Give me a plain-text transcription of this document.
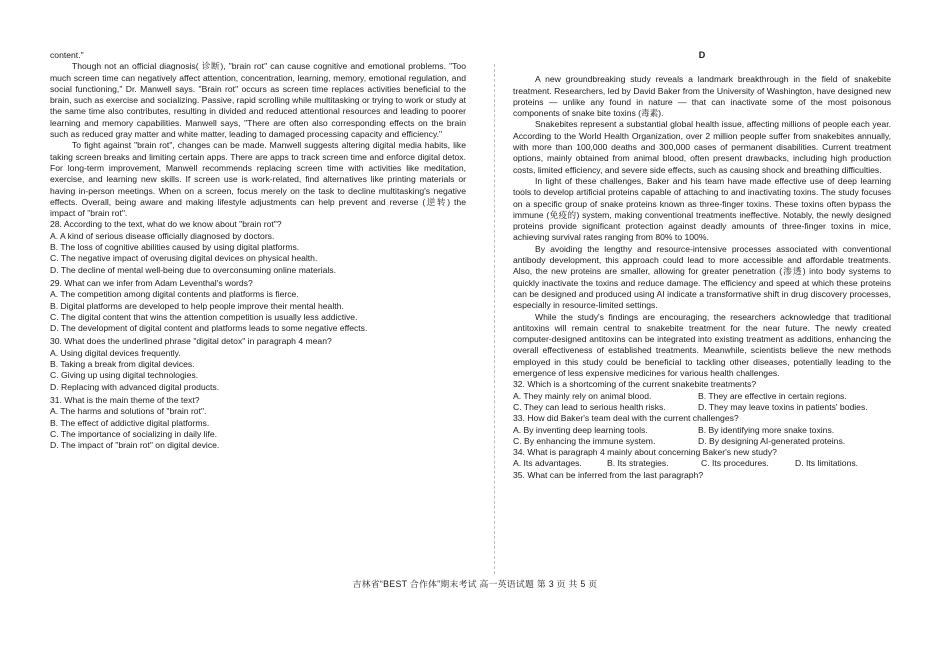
content."

Though not an official diagnosis( 诊断), "brain rot" can cause cognitive and emotional problems. "Too much screen time can negatively affect attention, concentration, learning, memory, emotional regulation, and social functioning," Dr. Manwell says. "Brain rot" occurs as screen time replaces activities beneficial to the brain, such as exercise and socializing. Passive, rapid scrolling while multitasking or trying to work or study at the same time also contributes, resulting in divided and reduced attentional resources and leading to poorer learning and memory capabilities. Manwell says, "There are often also corresponding effects on the brain such as reduced gray matter and white matter, leading to damaged processing capacity and efficiency."

To fight against "brain rot", changes can be made. Manwell suggests altering digital media habits, like taking screen breaks and limiting certain apps. There are apps to track screen time and enforce digital detox. For long-term improvement, Manwell recommends replacing screen time with activities like meditation, exercise, and learning new skills. If screen use is work-related, find alternatives like printing materials or having in-person meetings. When on a screen, focus merely on the task to decline multitasking's negative effects. Overall, being aware and making lifestyle adjustments can help prevent and reverse (逆转) the impact of "brain rot".

28. According to the text, what do we know about "brain rot"?

A. A kind of serious disease officially diagnosed by doctors.

B. The loss of cognitive abilities caused by using digital platforms.

C. The negative impact of overusing digital devices on physical health.

D. The decline of mental well-being due to overconsuming online materials.

29. What can we infer from Adam Leventhal's words?

A. The competition among digital contents and platforms is fierce.

B. Digital platforms are developed to help people improve their mental health.

C. The digital content that wins the attention competition is usually less addictive.

D. The development of digital content and platforms leads to some negative effects.

30. What does the underlined phrase "digital detox" in paragraph 4 mean?

A. Using digital devices frequently.

B. Taking a break from digital devices.

C. Giving up using digital technologies.

D. Replacing with advanced digital products.

31. What is the main theme of the text?

A. The harms and solutions of "brain rot".

B. The effect of addictive digital platforms.

C. The importance of socializing in daily life.

D. The impact of "brain rot" on digital device.

D

A new groundbreaking study reveals a landmark breakthrough in the field of snakebite treatment. Researchers, led by David Baker from the University of Washington, have designed new proteins — unlike any found in nature — that can inactivate some of the most poisonous components of snake bite toxins (毒素).

Snakebites represent a substantial global health issue, affecting millions of people each year. According to the World Health Organization, over 2 million people suffer from snakebites annually, with more than 100,000 deaths and 300,000 cases of permanent disabilities. Current treatment options, mainly obtained from animal blood, often present drawbacks, including high production costs, limited efficiency, and severe side effects, such as causing shock and breathing difficulties.

In light of these challenges, Baker and his team have made effective use of deep learning tools to develop artificial proteins capable of attaching to and inactivating toxins. The study focuses on a specific group of snake proteins known as three-finger toxins. These toxins often bypass the immune (免疫的) system, making conventional treatments ineffective. Notably, the newly designed proteins provide significant protection against deadly amounts of three-finger toxins in mice, achieving survival rates ranging from 80% to 100%.

By avoiding the lengthy and resource-intensive processes associated with conventional antibody development, this approach could lead to more accessible and affordable treatments. Also, the new proteins are smaller, allowing for greater penetration (渗透) into body systems to quickly inactivate the toxins and reduce damage. The efficiency and speed at which these proteins can be designed and produced using AI indicate a transformative shift in drug discovery processes, especially in resource-limited settings.

While the study's findings are encouraging, the researchers acknowledge that traditional antitoxins will remain central to snakebite treatment for the near future. The newly created computer-designed antitoxins can be integrated into existing treatment as additions, enhancing the overall effectiveness of established treatments. Meanwhile, scientists believe the new methods employed in this study could be beneficial to tackling other diseases, potentially leading to the emergence of less expensive medicines for various health challenges.

32. Which is a shortcoming of the current snakebite treatments?

A. They mainly rely on animal blood.	B. They are effective in certain regions.
C. They can lead to serious health risks.	D. They may leave toxins in patients' bodies.

33. How did Baker's team deal with the current challenges?

A. By inventing deep learning tools.	B. By identifying more snake toxins.
C. By enhancing the immune system.	D. By designing AI-generated proteins.

34. What is paragraph 4 mainly about concerning Baker's new study?

A. Its advantages.	B. Its strategies.	C. Its procedures.	D. Its limitations.

35. What can be inferred from the last paragraph?

吉林省“BEST 合作体”期末考试 高一英语试题 第 3 页 共 5 页
